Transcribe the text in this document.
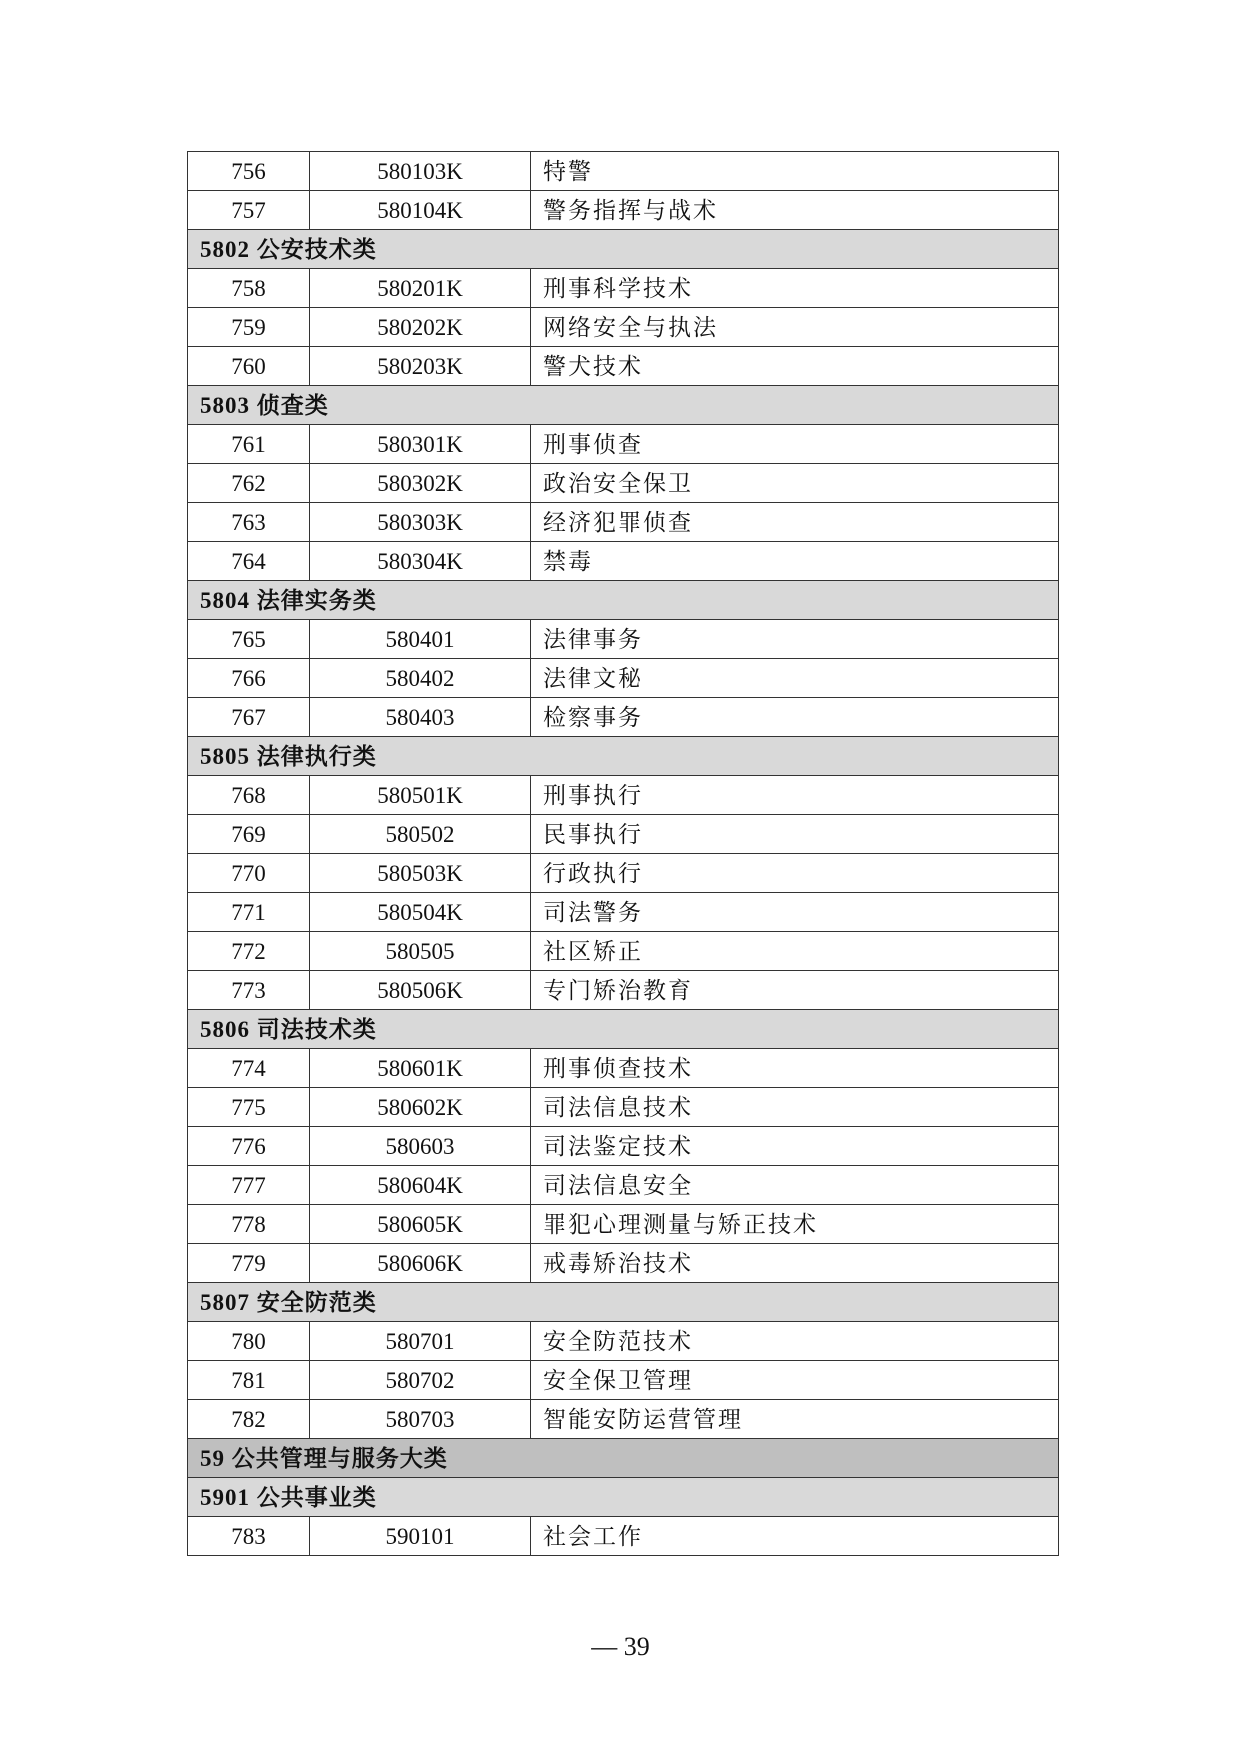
756	580103K	特警
757	580104K	警务指挥与战术
5802 公安技术类		
758	580201K	刑事科学技术
759	580202K	网络安全与执法
760	580203K	警犬技术
5803 侦查类		
761	580301K	刑事侦查
762	580302K	政治安全保卫
763	580303K	经济犯罪侦查
764	580304K	禁毒
5804 法律实务类		
765	580401	法律事务
766	580402	法律文秘
767	580403	检察事务
5805 法律执行类		
768	580501K	刑事执行
769	580502	民事执行
770	580503K	行政执行
771	580504K	司法警务
772	580505	社区矫正
773	580506K	专门矫治教育
5806 司法技术类		
774	580601K	刑事侦查技术
775	580602K	司法信息技术
776	580603	司法鉴定技术
777	580604K	司法信息安全
778	580605K	罪犯心理测量与矫正技术
779	580606K	戒毒矫治技术
5807 安全防范类		
780	580701	安全防范技术
781	580702	安全保卫管理
782	580703	智能安防运营管理
59 公共管理与服务大类		
5901 公共事业类		
783	590101	社会工作
— 39
